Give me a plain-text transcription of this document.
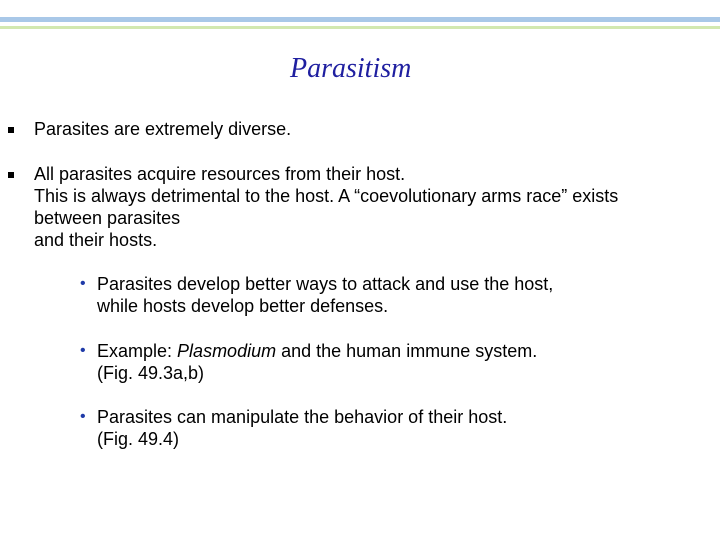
Parasitism
Parasites are extremely diverse.
All parasites acquire resources from their host.
This is always detrimental to the host. A “coevolutionary arms race” exists
between parasites
and their hosts.
• Parasites develop better ways to attack and use the host,
while hosts develop better defenses.
• Example: Plasmodium and the human immune system.
(Fig. 49.3a,b)
• Parasites can manipulate the behavior of their host.
(Fig. 49.4)
